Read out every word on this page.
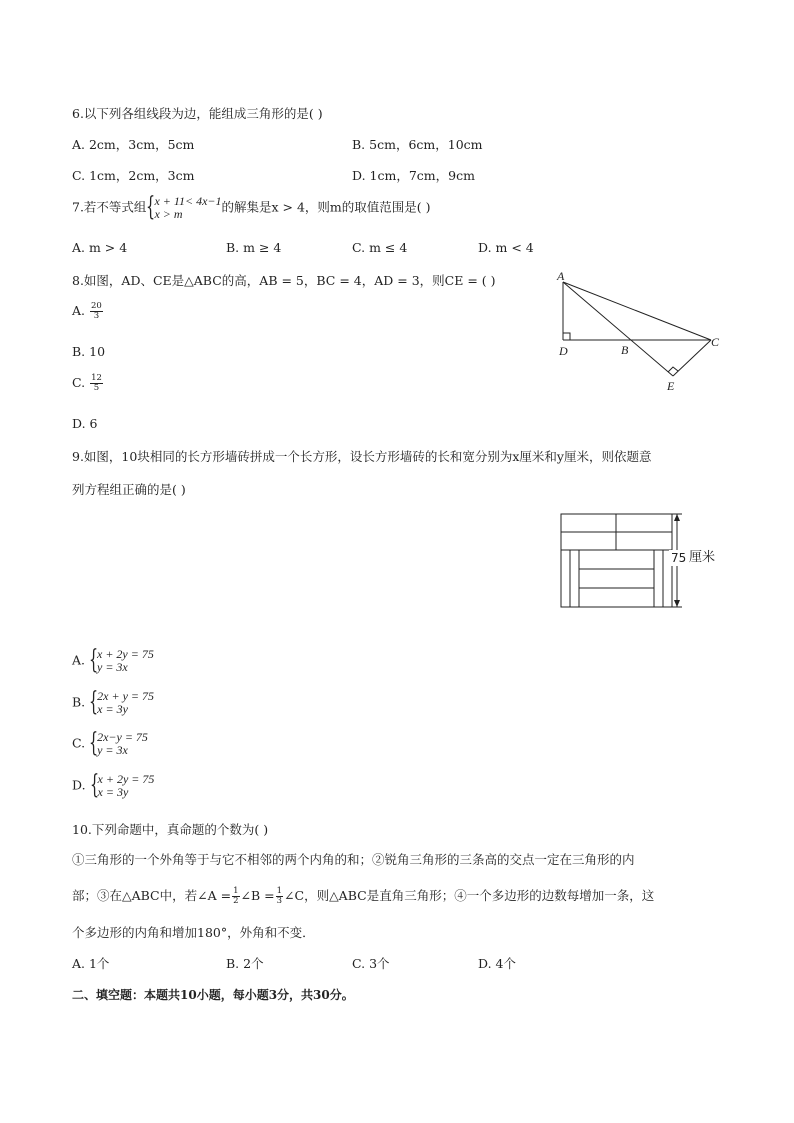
6.以下列各组线段为边，能组成三角形的是( )
A. 2cm，3cm，5cm	B. 5cm，6cm，10cm
C. 1cm，2cm，3cm	D. 1cm，7cm，9cm
7.若不等式组 {
x + 11< 4x−1
x > m	的解集是x > 4，则m的取值范围是( )
A. m > 4	B. m ≥ 4	C. m ≤ 4	D. m < 4
8.如图，AD、CE是△ABC的高，AB = 5，BC = 4，AD = 3，则CE = ( )
A. $\frac{20}{3}$
B. 10
C. $\frac{12}{5}$
D. 6
A
D	B
C
E
9.如图，10块相同的长方形墙砖拼成一个长方形，设长方形墙砖的长和宽分别为x厘米和y厘米，则依题意
列方程组正确的是( )
75 厘米
A. {
x + 2y = 75
y = 3x
B. {
2x + y = 75
x = 3y
C. {
2x−y = 75
y = 3x
D. {
x + 2y = 75
x = 3y
10.下列命题中，真命题的个数为( )
①三角形的一个外角等于与它不相邻的两个内角的和；②锐角三角形的三条高的交点一定在三角形的内
部；③在△ABC中，若∠A = $\frac{1}{2}$ ∠B = $\frac{1}{3}$ ∠C，则△ABC是直角三角形；④一个多边形的边数每增加一条，这
个多边形的内角和增加180°，外角和不变．
A. 1个	B. 2个	C. 3个	D. 4个
二、填空题：本题共10小题，每小题3分，共30分。
